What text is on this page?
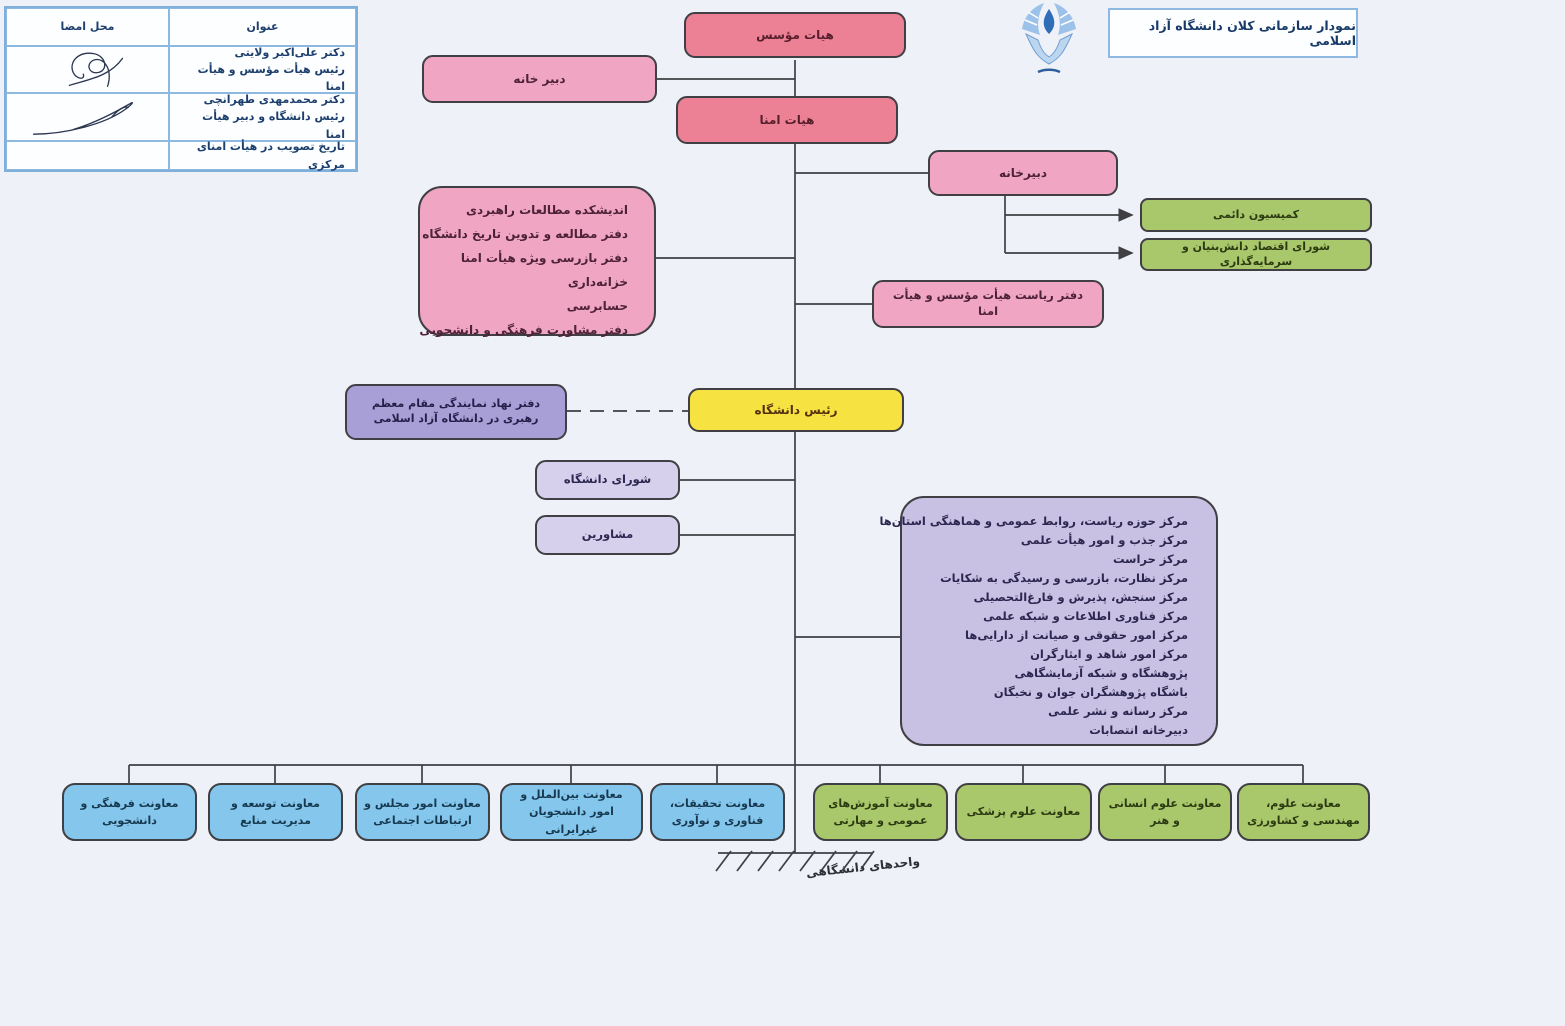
عنوان
محل امضا
دکتر علی‌اکبر ولایتی
رئیس هیأت مؤسس و هیأت امنا
دکتر محمدمهدی طهرانچی
رئیس دانشگاه و دبیر هیأت امنا
تاریخ تصویب در هیأت امنای مرکزی
نمودار سازمانی کلان دانشگاه آزاد اسلامی
هیات مؤسس
دبیر خانه
هیات امنا
دبیرخانه
کمیسیون دائمی
شورای اقتصاد دانش‌بنیان و سرمایه‌گذاری
اندیشکده مطالعات راهبردی
دفتر مطالعه و تدوین تاریخ دانشگاه
دفتر بازرسی ویژه هیأت امنا
خزانه‌داری
حسابرسی
دفتر مشاورت فرهنگی و دانشجویی
دفتر ریاست هیأت مؤسس و هیأت امنا
دفتر نهاد نمایندگی مقام معظم
رهبری در دانشگاه آزاد اسلامی
رئیس دانشگاه
شورای دانشگاه
مشاورین
مرکز حوزه ریاست، روابط عمومی و هماهنگی استان‌ها
مرکز جذب و امور هیأت علمی
مرکز حراست
مرکز نظارت، بازرسی و رسیدگی به شکایات
مرکز سنجش، پذیرش و فارغ‌التحصیلی
مرکز فناوری اطلاعات و شبکه علمی
مرکز امور حقوقی و صیانت از دارایی‌ها
مرکز امور شاهد و ایثارگران
پژوهشگاه و شبکه آزمایشگاهی
باشگاه پژوهشگران جوان و نخبگان
مرکز رسانه و نشر علمی
دبیرخانه انتصابات
معاونت فرهنگی و دانشجویی
معاونت توسعه و مدیریت منابع
معاونت امور مجلس و ارتباطات اجتماعی
معاونت بین‌الملل و امور دانشجویان غیرایرانی
معاونت تحقیقات، فناوری و نوآوری
معاونت آموزش‌های عمومی و مهارتی
معاونت علوم پزشکی
معاونت علوم انسانی و هنر
معاونت علوم، مهندسی و کشاورزی
واحدهای دانشگاهی
